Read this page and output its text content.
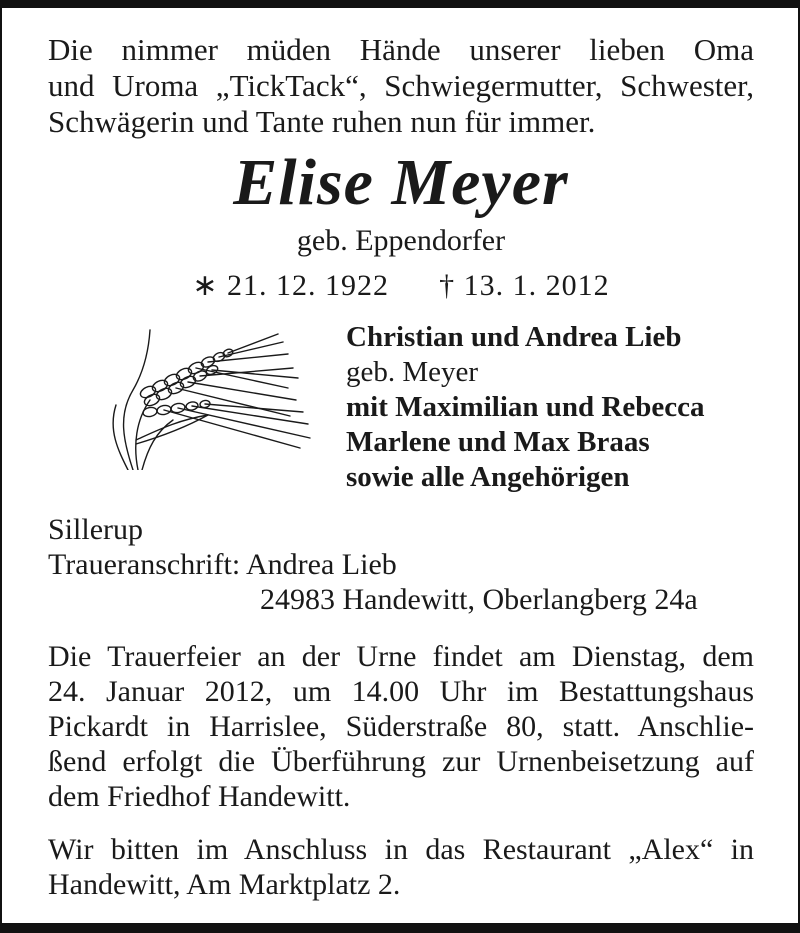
Die nimmer müden Hände unserer lieben Oma
und Uroma „TickTack“, Schwiegermutter, Schwester,
Schwägerin und Tante ruhen nun für immer.

Elise Meyer
geb. Eppendorfer
∗ 21. 12. 1922 † 13. 1. 2012
Christian und Andrea Lieb
geb. Meyer
mit Maximilian und Rebecca
Marlene und Max Braas
sowie alle Angehörigen

Sillerup
Traueranschrift: Andrea Lieb
24983 Handewitt, Oberlangberg 24a

Die Trauerfeier an der Urne findet am Dienstag, dem
24. Januar 2012, um 14.00 Uhr im Bestattungshaus
Pickardt in Harrislee, Süderstraße 80, statt. Anschlie-
ßend erfolgt die Überführung zur Urnenbeisetzung auf
dem Friedhof Handewitt.

Wir bitten im Anschluss in das Restaurant „Alex“ in
Handewitt, Am Marktplatz 2.
